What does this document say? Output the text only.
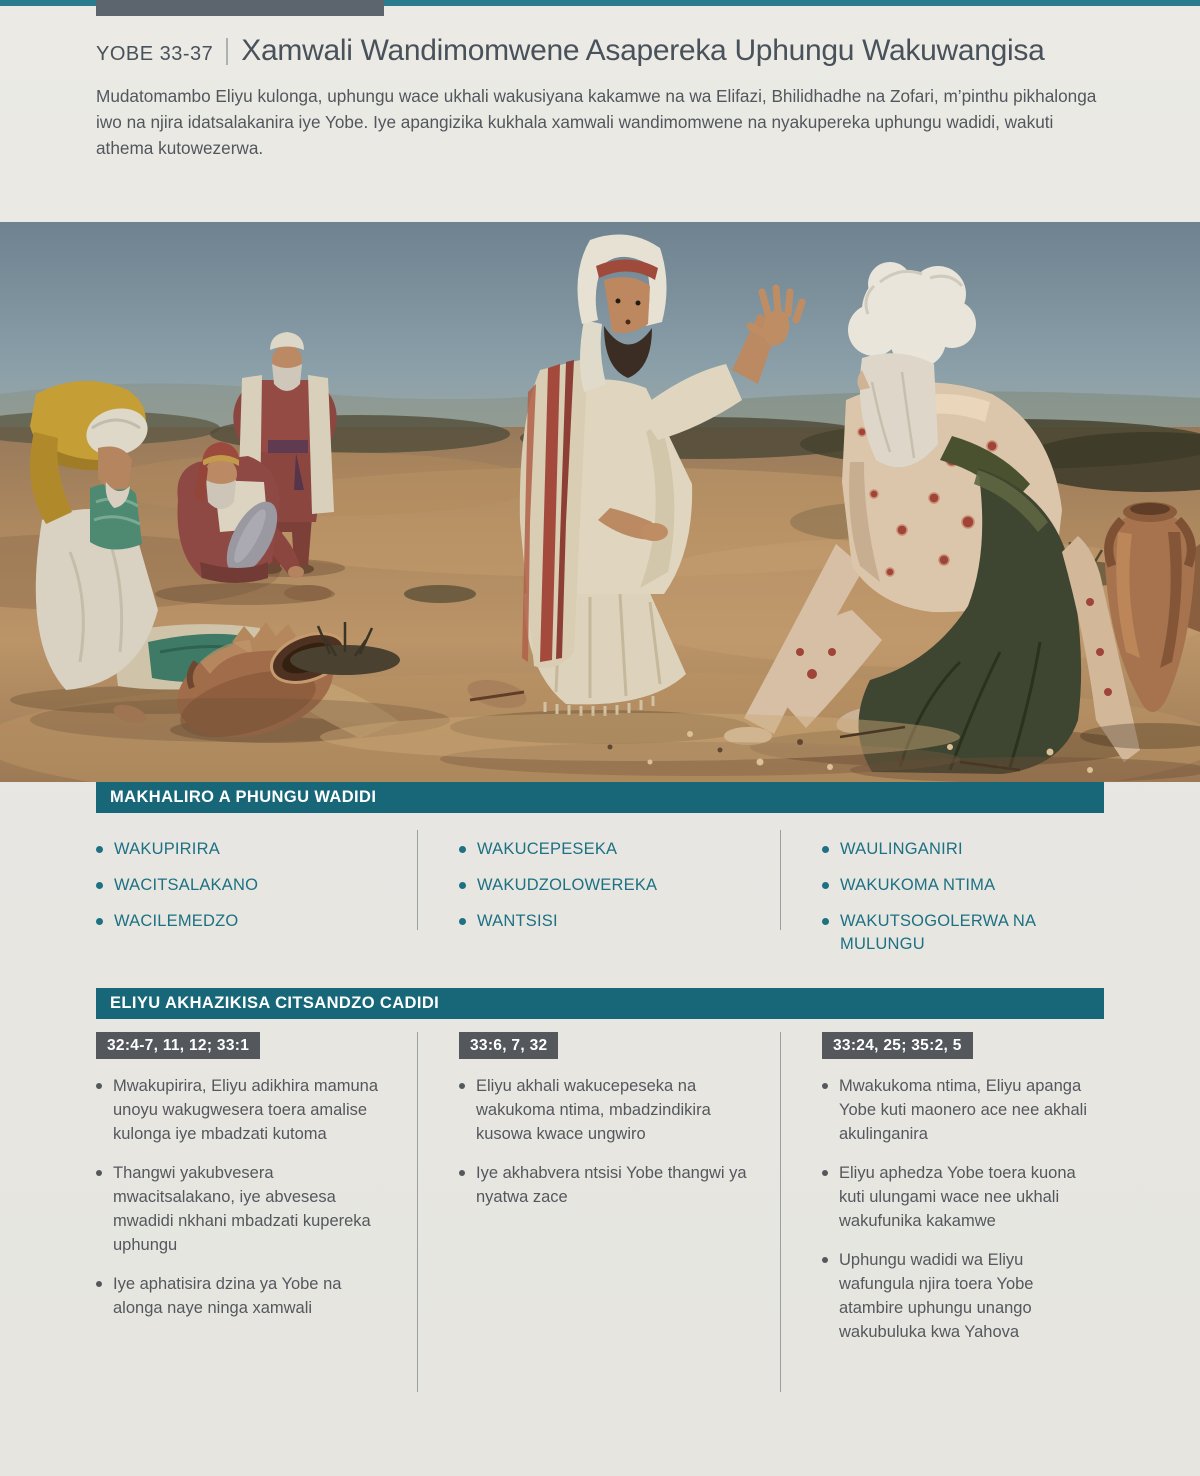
YOBE 33-37 Xamwali Wandimomwene Asapereka Uphungu Wakuwangisa
Mudatomambo Eliyu kulonga, uphungu wace ukhali wakusiyana kakamwe na wa Elifazi, Bhilidhadhe na Zofari, m’pinthu pikhalonga iwo na njira idatsalakanira iye Yobe. Iye apangizika kukhala xamwali wandimomwene na nyakupereka uphungu wadidi, wakuti athema kutowezerwa.
MAKHALIRO A PHUNGU WADIDI
WAKUPIRIRA
WACITSALAKANO
WACILEMEDZO
WAKUCEPESEKA
WAKUDZOLOWEREKA
WANTSISI
WAULINGANIRI
WAKUKOMA NTIMA
WAKUTSOGOLERWA NA MULUNGU
ELIYU AKHAZIKISA CITSANDZO CADIDI
32:4-7, 11, 12; 33:1
Mwakupirira, Eliyu adikhira mamuna unoyu wakugwesera toera amalise kulonga iye mbadzati kutoma
Thangwi yakubvesera mwacitsalakano, iye abvesesa mwadidi nkhani mbadzati kupereka uphungu
Iye aphatisira dzina ya Yobe na alonga naye ninga xamwali
33:6, 7, 32
Eliyu akhali wakucepeseka na wakukoma ntima, mbadzindikira kusowa kwace ungwiro
Iye akhabvera ntsisi Yobe thangwi ya nyatwa zace
33:24, 25; 35:2, 5
Mwakukoma ntima, Eliyu apanga Yobe kuti maonero ace nee akhali akulinganira
Eliyu aphedza Yobe toera kuona kuti ulungami wace nee ukhali wakufunika kakamwe
Uphungu wadidi wa Eliyu wafungula njira toera Yobe atambire uphungu unango wakubuluka kwa Yahova
